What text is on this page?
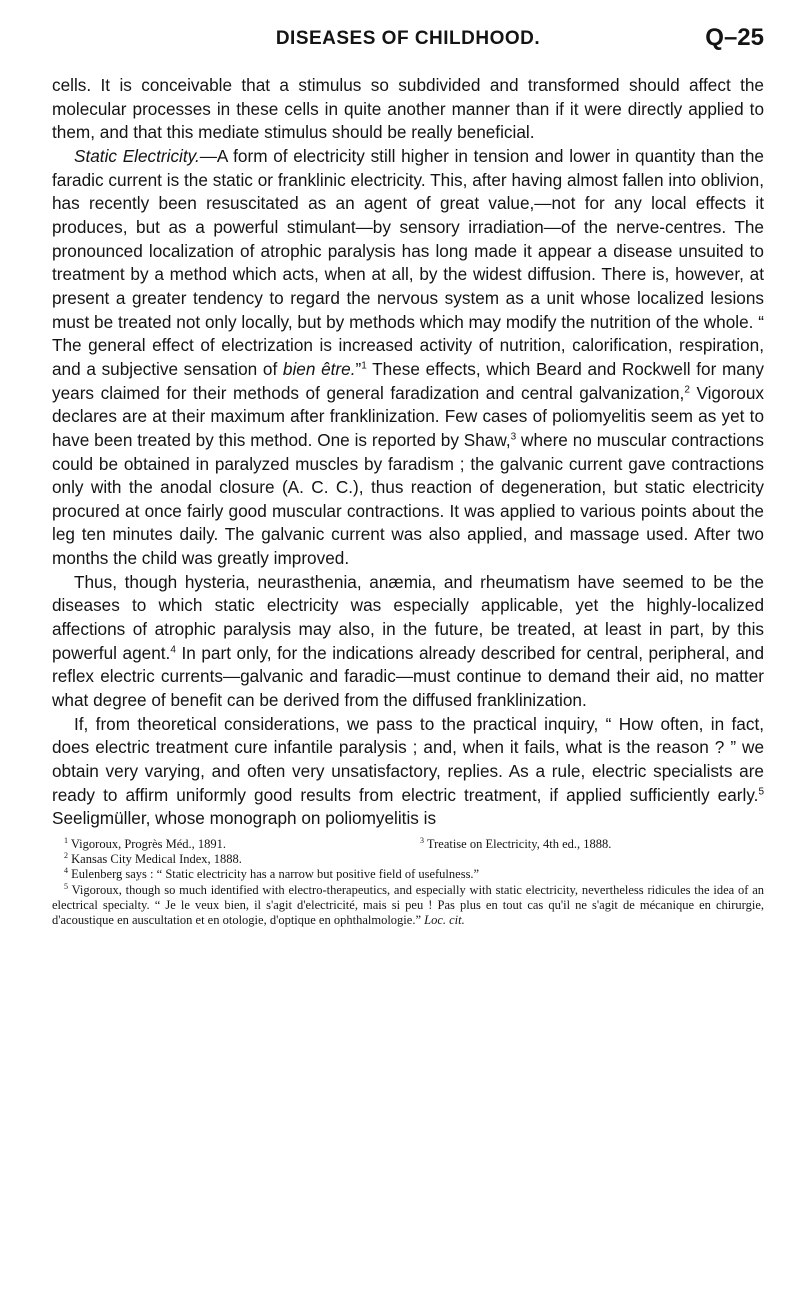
DISEASES OF CHILDHOOD.	Q–25

cells. It is conceivable that a stimulus so subdivided and transformed should affect the molecular processes in these cells in quite another manner than if it were directly applied to them, and that this mediate stimulus should be really beneficial.

Static Electricity.—A form of electricity still higher in tension and lower in quantity than the faradic current is the static or franklinic electricity. This, after having almost fallen into oblivion, has recently been resuscitated as an agent of great value,—not for any local effects it produces, but as a powerful stimulant—by sensory irradiation—of the nerve-centres. The pronounced localization of atrophic paralysis has long made it appear a disease unsuited to treatment by a method which acts, when at all, by the widest diffusion. There is, however, at present a greater tendency to regard the nervous system as a unit whose localized lesions must be treated not only locally, but by methods which may modify the nutrition of the whole. “ The general effect of electrization is increased activity of nutrition, calorification, respiration, and a subjective sensation of bien être.”$^1$ These effects, which Beard and Rockwell for many years claimed for their methods of general faradization and central galvanization,$^2$ Vigoroux declares are at their maximum after franklinization. Few cases of poliomyelitis seem as yet to have been treated by this method. One is reported by Shaw,$^3$ where no muscular contractions could be obtained in paralyzed muscles by faradism ; the galvanic current gave contractions only with the anodal closure (A. C. C.), thus reaction of degeneration, but static electricity procured at once fairly good muscular contractions. It was applied to various points about the leg ten minutes daily. The galvanic current was also applied, and massage used. After two months the child was greatly improved.

Thus, though hysteria, neurasthenia, anæmia, and rheumatism have seemed to be the diseases to which static electricity was especially applicable, yet the highly-localized affections of atrophic paralysis may also, in the future, be treated, at least in part, by this powerful agent.$^4$ In part only, for the indications already described for central, peripheral, and reflex electric currents—galvanic and faradic—must continue to demand their aid, no matter what degree of benefit can be derived from the diffused franklinization.

If, from theoretical considerations, we pass to the practical inquiry, “ How often, in fact, does electric treatment cure infantile paralysis ; and, when it fails, what is the reason ? ” we obtain very varying, and often very unsatisfactory, replies. As a rule, electric specialists are ready to affirm uniformly good results from electric treatment, if applied sufficiently early.$^5$ Seeligmüller, whose monograph on poliomyelitis is

$^1$ Vigoroux, Progrès Méd., 1891.	$^3$ Treatise on Electricity, 4th ed., 1888.

$^2$ Kansas City Medical Index, 1888.

$^4$ Eulenberg says : “ Static electricity has a narrow but positive field of usefulness.”

$^5$ Vigoroux, though so much identified with electro-therapeutics, and especially with static electricity, nevertheless ridicules the idea of an electrical specialty. “ Je le veux bien, il s'agit d'electricité, mais si peu ! Pas plus en tout cas qu'il ne s'agit de mécanique en chirurgie, d'acoustique en auscultation et en otologie, d'optique en ophthalmologie.” Loc. cit.
